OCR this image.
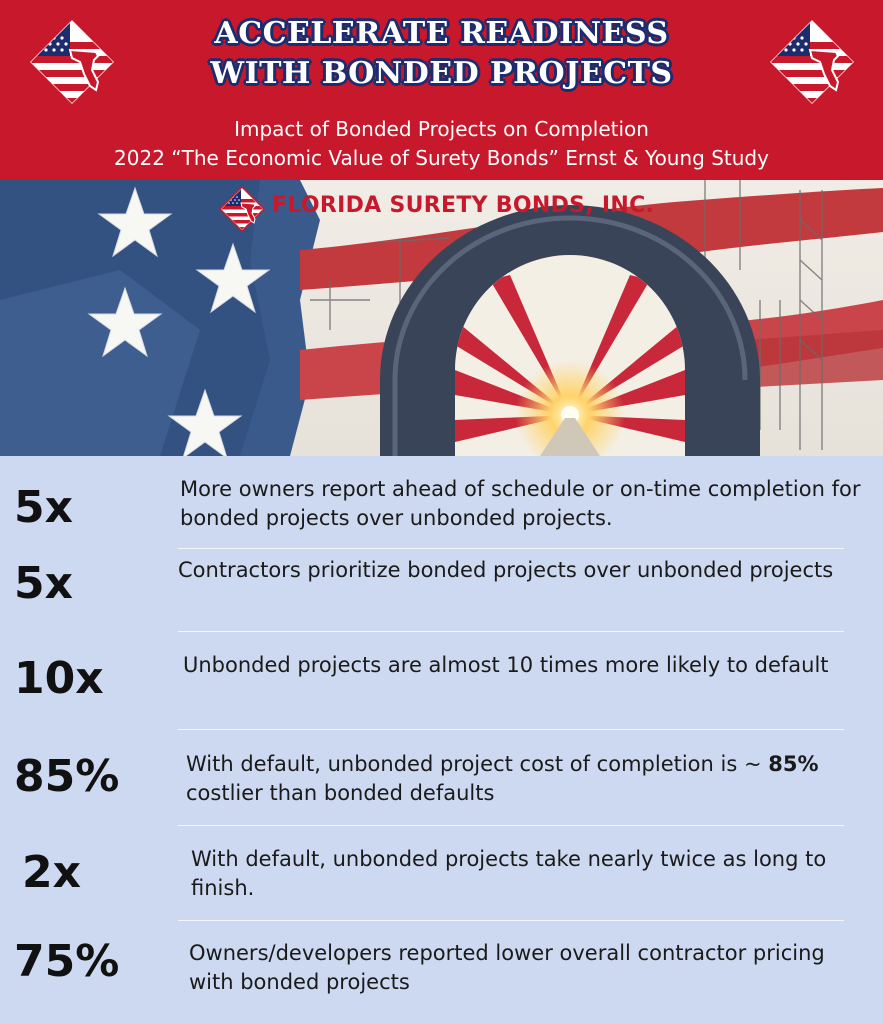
ACCELERATE READINESS
WITH BONDED PROJECTS
Impact of Bonded Projects on Completion
2022 “The Economic Value of Surety Bonds” Ernst & Young Study
FLORIDA SURETY BONDS, INC.
5x	More owners report ahead of schedule or on-time completion for bonded projects over unbonded projects.
5x	Contractors prioritize bonded projects over unbonded projects
10x	Unbonded projects are almost 10 times more likely to default
85%	With default, unbonded project cost of completion is ~ 85% costlier than bonded defaults
2x	With default, unbonded projects take nearly twice as long to finish.
75%	Owners/developers reported lower overall contractor pricing with bonded projects
